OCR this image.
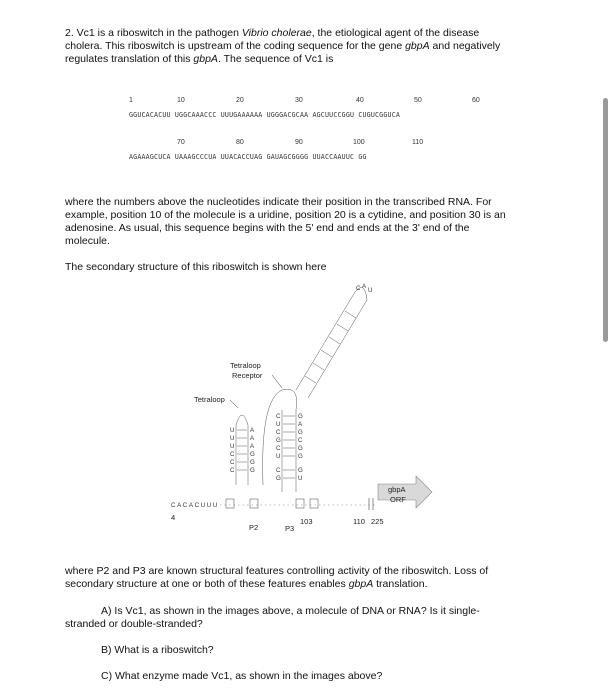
2. Vc1 is a riboswitch in the pathogen Vibrio cholerae, the etiological agent of the disease
cholera. This riboswitch is upstream of the coding sequence for the gene gbpA and negatively
regulates translation of this gbpA. The sequence of Vc1 is
1	10	20	30	40	50	60
GGUCACACUU UGGCAAACCC UUUGAAAAAA UGGGACGCAA AGCUUCCGGU CUGUCGGUCA
70	80	90	100	110
AGAAAGCUCA UAAAGCCCUA UUACACCUAG GAUAGCGGGG UUACCAAUUC GG
where the numbers above the nucleotides indicate their position in the transcribed RNA. For
example, position 10 of the molecule is a uridine, position 20 is a cytidine, and position 30 is an
adenosine. As usual, this sequence begins with the 5' end and ends at the 3' end of the
molecule.
The secondary structure of this riboswitch is shown here
gbpA
ORF
CACACUUU
U	A
U	A
U	A
C	G
C	G
C	G
C	G
U	A
C	G
G	C
C	G
U	G
C	G
G	U
C A
U
Tetraloop
Receptor
Tetraloop
4	103	110 225
P2	P3
where P2 and P3 are known structural features controlling activity of the riboswitch. Loss of
secondary structure at one or both of these features enables gbpA translation.
A) Is Vc1, as shown in the images above, a molecule of DNA or RNA? Is it single-
stranded or double-stranded?
B) What is a riboswitch?
C) What enzyme made Vc1, as shown in the images above?
